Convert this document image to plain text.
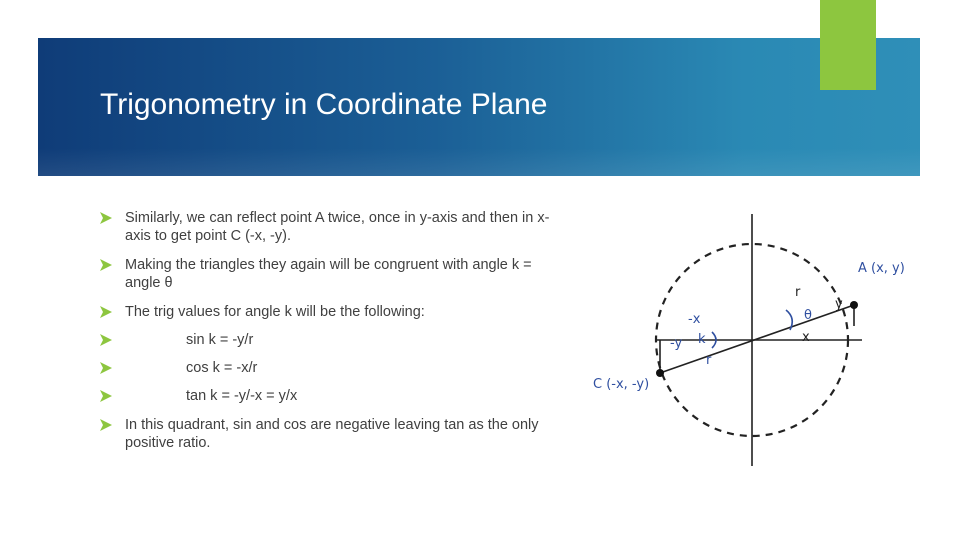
Trigonometry in Coordinate Plane
Similarly, we can reflect point A twice, once in y-axis and then in x-axis to get point C (-x, -y).
Making the triangles they again will be congruent with angle k = angle θ
The trig values for angle k will be the following:
sin k = -y/r
cos k = -x/r
tan k = -y/-x = y/x
In this quadrant, sin and cos are negative leaving tan as the only positive ratio.
A (x, y)
C (-x, -y)
r
y
x
θ
-x
-y k
r
